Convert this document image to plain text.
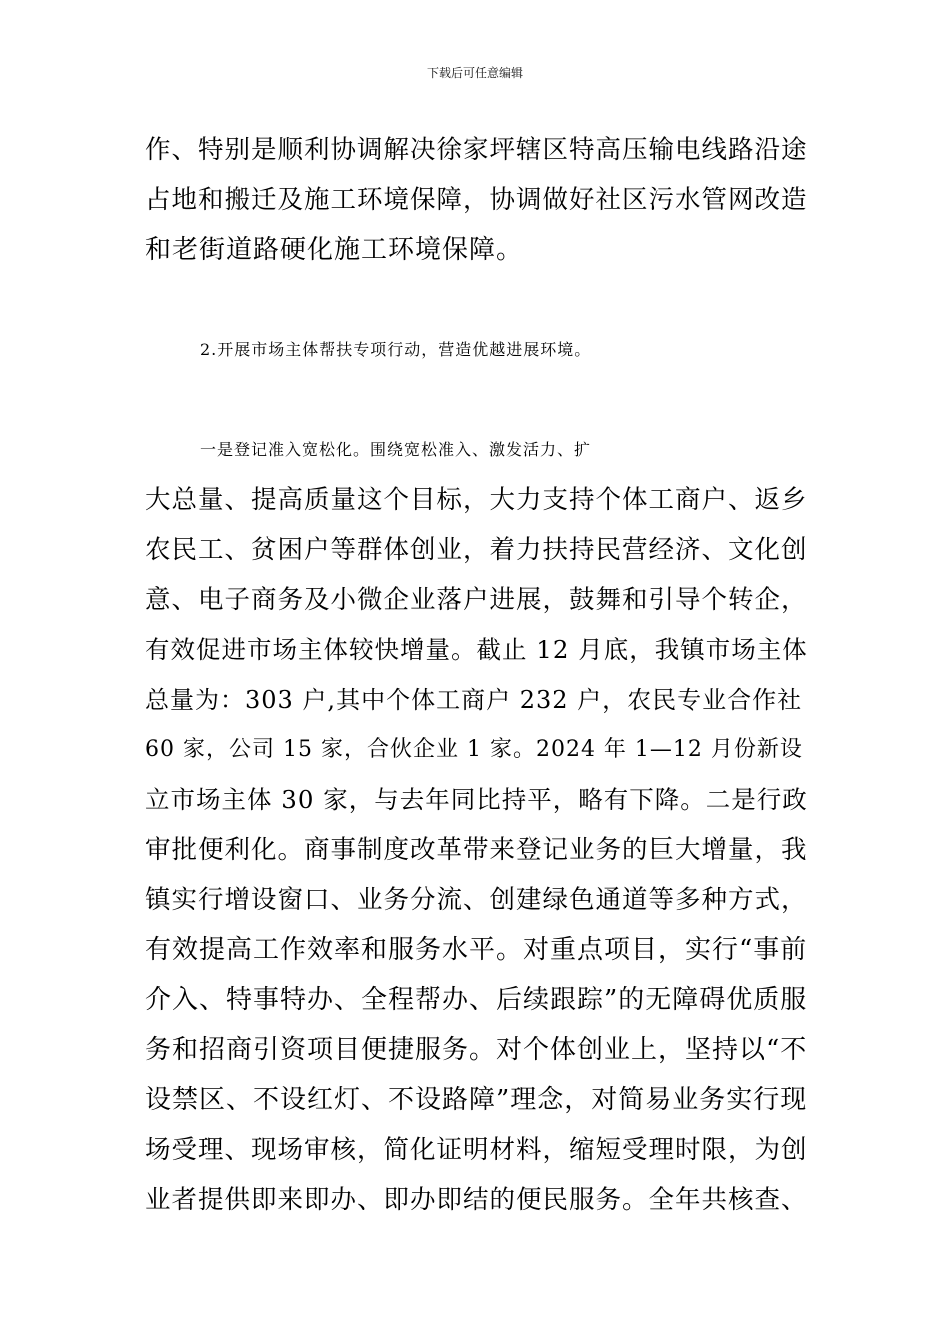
下载后可任意编辑
作、特别是顺利协调解决徐家坪辖区特高压输电线路沿途
占地和搬迁及施工环境保障，协调做好社区污水管网改造
和老街道路硬化施工环境保障。
2.开展市场主体帮扶专项行动，营造优越进展环境。
一是登记准入宽松化。围绕宽松准入、激发活力、扩
大总量、提高质量这个目标，大力支持个体工商户、返乡
农民工、贫困户等群体创业，着力扶持民营经济、文化创
意、电子商务及小微企业落户进展，鼓舞和引导个转企，
有效促进市场主体较快增量。截止 12 月底，我镇市场主体
总量为：303 户,其中个体工商户 232 户，农民专业合作社
60 家，公司 15 家，合伙企业 1 家。2024 年 1—12 月份新设
立市场主体 30 家，与去年同比持平，略有下降。二是行政
审批便利化。商事制度改革带来登记业务的巨大增量，我
镇实行增设窗口、业务分流、创建绿色通道等多种方式，
有效提高工作效率和服务水平。对重点项目，实行“事前
介入、特事特办、全程帮办、后续跟踪”的无障碍优质服
务和招商引资项目便捷服务。对个体创业上，坚持以“不
设禁区、不设红灯、不设路障”理念，对简易业务实行现
场受理、现场审核，简化证明材料，缩短受理时限，为创
业者提供即来即办、即办即结的便民服务。全年共核查、
